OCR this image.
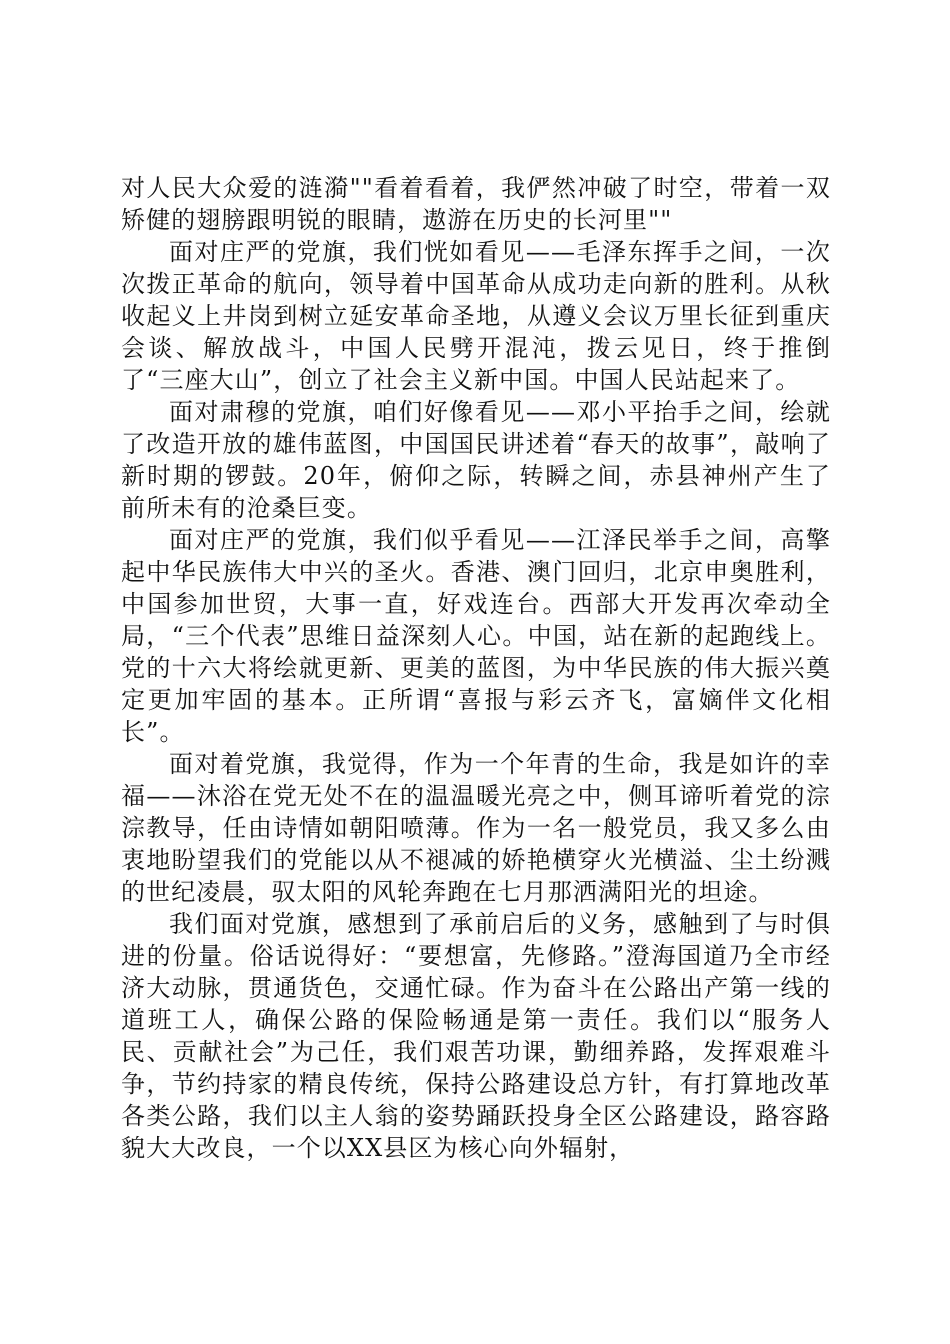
对人民大众爱的涟漪""看着看着，我俨然冲破了时空，带着一双矫健的翅膀跟明锐的眼睛，遨游在历史的长河里""

面对庄严的党旗，我们恍如看见——毛泽东挥手之间，一次次拨正革命的航向，领导着中国革命从成功走向新的胜利。从秋收起义上井岗到树立延安革命圣地，从遵义会议万里长征到重庆会谈、解放战斗，中国人民劈开混沌，拨云见日，终于推倒了“三座大山”，创立了社会主义新中国。中国人民站起来了。

面对肃穆的党旗，咱们好像看见——邓小平抬手之间，绘就了改造开放的雄伟蓝图，中国国民讲述着“春天的故事”，敲响了新时期的锣鼓。20年，俯仰之际，转瞬之间，赤县神州产生了前所未有的沧桑巨变。

面对庄严的党旗，我们似乎看见——江泽民举手之间，高擎起中华民族伟大中兴的圣火。香港、澳门回归，北京申奥胜利，中国参加世贸，大事一直，好戏连台。西部大开发再次牵动全局，“三个代表”思维日益深刻人心。中国，站在新的起跑线上。党的十六大将绘就更新、更美的蓝图，为中华民族的伟大振兴奠定更加牢固的基本。正所谓“喜报与彩云齐飞，富嫡伴文化相长”。

面对着党旗，我觉得，作为一个年青的生命，我是如许的幸福——沐浴在党无处不在的温温暖光亮之中，侧耳谛听着党的淙淙教导，任由诗情如朝阳喷薄。作为一名一般党员，我又多么由衷地盼望我们的党能以从不褪减的娇艳横穿火光横溢、尘土纷溅的世纪凌晨，驭太阳的风轮奔跑在七月那洒满阳光的坦途。

我们面对党旗，感想到了承前启后的义务，感触到了与时俱进的份量。俗话说得好：“要想富，先修路。”澄海国道乃全市经济大动脉，贯通货色，交通忙碌。作为奋斗在公路出产第一线的道班工人，确保公路的保险畅通是第一责任。我们以“服务人民、贡献社会”为己任，我们艰苦功课，勤细养路，发挥艰难斗争，节约持家的精良传统，保持公路建设总方针，有打算地改革各类公路，我们以主人翁的姿势踊跃投身全区公路建设，路容路貌大大改良，一个以XX县区为核心向外辐射，
